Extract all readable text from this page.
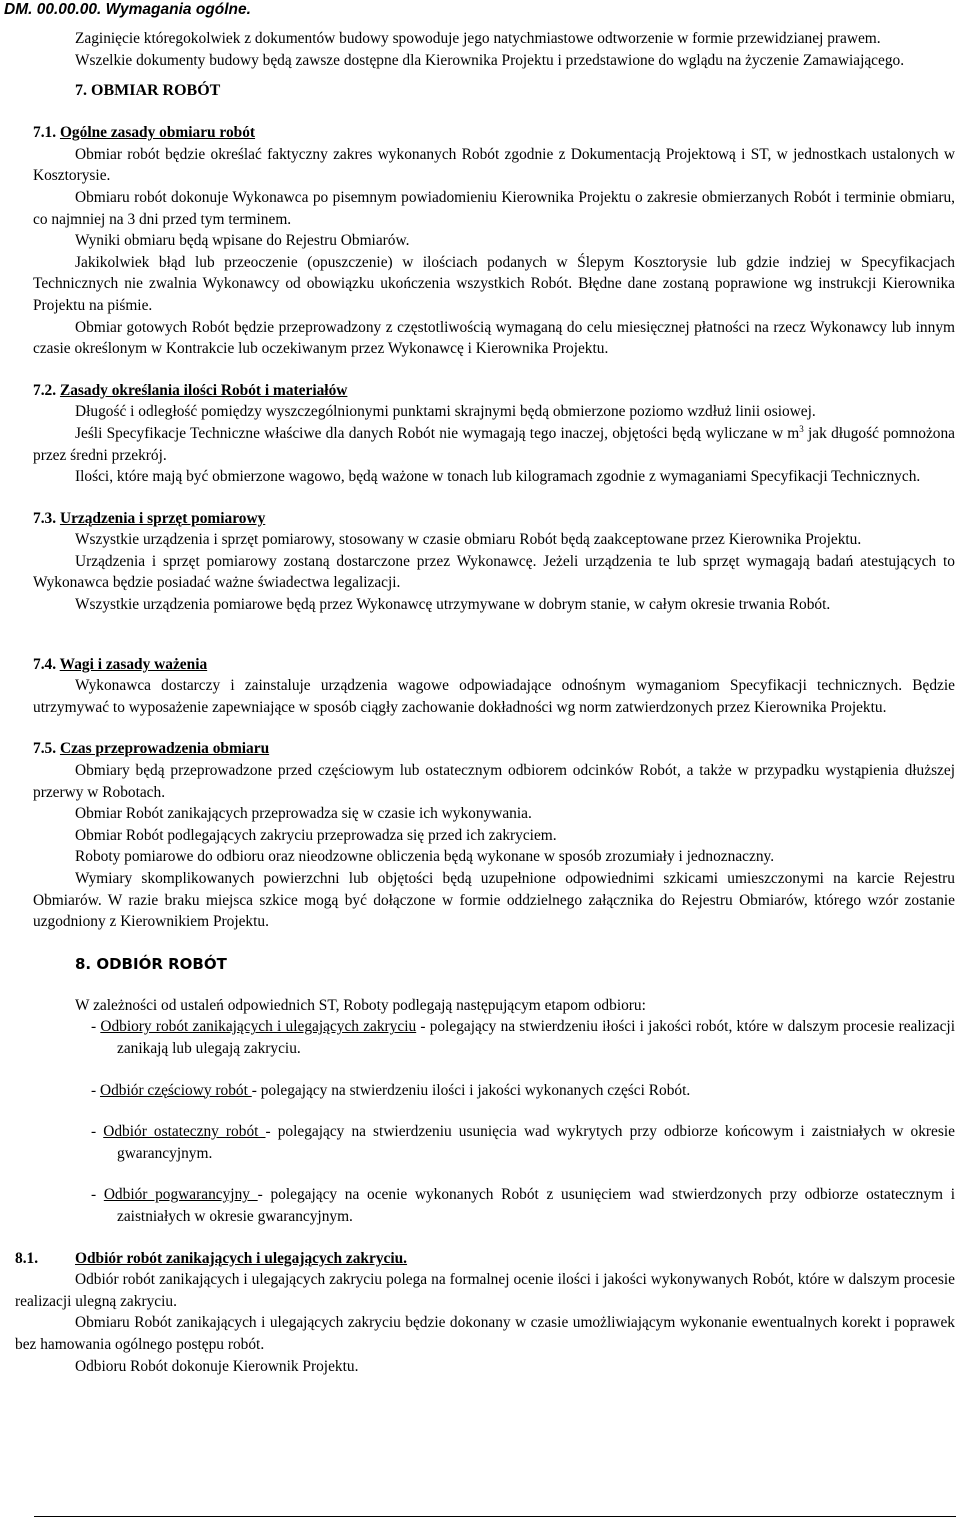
DM. 00.00.00. Wymagania ogólne.

Zaginięcie któregokolwiek z dokumentów budowy spowoduje jego natychmiastowe odtworzenie w formie przewidzianej prawem.

Wszelkie dokumenty budowy będą zawsze dostępne dla Kierownika Projektu i przedstawione do wglądu na życzenie Zamawiającego.

7. OBMIAR ROBÓT

7.1. Ogólne zasady obmiaru robót

Obmiar robót będzie określać faktyczny zakres wykonanych Robót zgodnie z Dokumentacją Projektową i ST, w jednostkach ustalonych w Kosztorysie.

Obmiaru robót dokonuje Wykonawca po pisemnym powiadomieniu Kierownika Projektu o zakresie obmierzanych Robót i terminie obmiaru, co najmniej na 3 dni przed tym terminem.

Wyniki obmiaru będą wpisane do Rejestru Obmiarów.

Jakikolwiek błąd lub przeoczenie (opuszczenie) w ilościach podanych w Ślepym Kosztorysie lub gdzie indziej w Specyfikacjach Technicznych nie zwalnia Wykonawcy od obowiązku ukończenia wszystkich Robót. Błędne dane zostaną poprawione wg instrukcji Kierownika Projektu na piśmie.

Obmiar gotowych Robót będzie przeprowadzony z częstotliwością wymaganą do celu miesięcznej płatności na rzecz Wykonawcy lub innym czasie określonym w Kontrakcie lub oczekiwanym przez Wykonawcę i Kierownika Projektu.

7.2. Zasady określania ilości Robót i materiałów

Długość i odległość pomiędzy wyszczególnionymi punktami skrajnymi będą obmierzone poziomo wzdłuż linii osiowej.

Jeśli Specyfikacje Techniczne właściwe dla danych Robót nie wymagają tego inaczej, objętości będą wyliczane w $m^3$ jak długość pomnożona przez średni przekrój.

Ilości, które mają być obmierzone wagowo, będą ważone w tonach lub kilogramach zgodnie z wymaganiami Specyfikacji Technicznych.

7.3. Urządzenia i sprzęt pomiarowy

Wszystkie urządzenia i sprzęt pomiarowy, stosowany w czasie obmiaru Robót będą zaakceptowane przez Kierownika Projektu.

Urządzenia i sprzęt pomiarowy zostaną dostarczone przez Wykonawcę. Jeżeli urządzenia te lub sprzęt wymagają badań atestujących to Wykonawca będzie posiadać ważne świadectwa legalizacji.

Wszystkie urządzenia pomiarowe będą przez Wykonawcę utrzymywane w dobrym stanie, w całym okresie trwania Robót.

7.4. Wagi i zasady ważenia

Wykonawca dostarczy i zainstaluje urządzenia wagowe odpowiadające odnośnym wymaganiom Specyfikacji technicznych. Będzie utrzymywać to wyposażenie zapewniające w sposób ciągły zachowanie dokładności wg norm zatwierdzonych przez Kierownika Projektu.

7.5. Czas przeprowadzenia obmiaru

Obmiary będą przeprowadzone przed częściowym lub ostatecznym odbiorem odcinków Robót, a także w przypadku wystąpienia dłuższej przerwy w Robotach.

Obmiar Robót zanikających przeprowadza się w czasie ich wykonywania.

Obmiar Robót podlegających zakryciu przeprowadza się przed ich zakryciem.

Roboty pomiarowe do odbioru oraz nieodzowne obliczenia będą wykonane w sposób zrozumiały i jednoznaczny.

Wymiary skomplikowanych powierzchni lub objętości będą uzupełnione odpowiednimi szkicami umieszczonymi na karcie Rejestru Obmiarów. W razie braku miejsca szkice mogą być dołączone w formie oddzielnego załącznika do Rejestru Obmiarów, którego wzór zostanie uzgodniony z Kierownikiem Projektu.

8. ODBIÓR ROBÓT

W zależności od ustaleń odpowiednich ST, Roboty podlegają następującym etapom odbioru:

- Odbiory robót zanikających i ulegających zakryciu - polegający na stwierdzeniu iłości i jakości robót, które w dalszym procesie realizacji zanikają lub ulegają zakryciu.

- Odbiór częściowy robót - polegający na stwierdzeniu ilości i jakości wykonanych części Robót.

- Odbiór ostateczny robót - polegający na stwierdzeniu usunięcia wad wykrytych przy odbiorze końcowym i zaistniałych w okresie gwarancyjnym.

- Odbiór pogwarancyjny - polegający na ocenie wykonanych Robót z usunięciem wad stwierdzonych przy odbiorze ostatecznym i zaistniałych w okresie gwarancyjnym.

8.1. Odbiór robót zanikających i ulegających zakryciu.

Odbiór robót zanikających i ulegających zakryciu polega na formalnej ocenie ilości i jakości wykonywanych Robót, które w dalszym procesie realizacji ulegną zakryciu.

Obmiaru Robót zanikających i ulegających zakryciu będzie dokonany w czasie umożliwiającym wykonanie ewentualnych korekt i poprawek bez hamowania ogólnego postępu robót.

Odbioru Robót dokonuje Kierownik Projektu.
